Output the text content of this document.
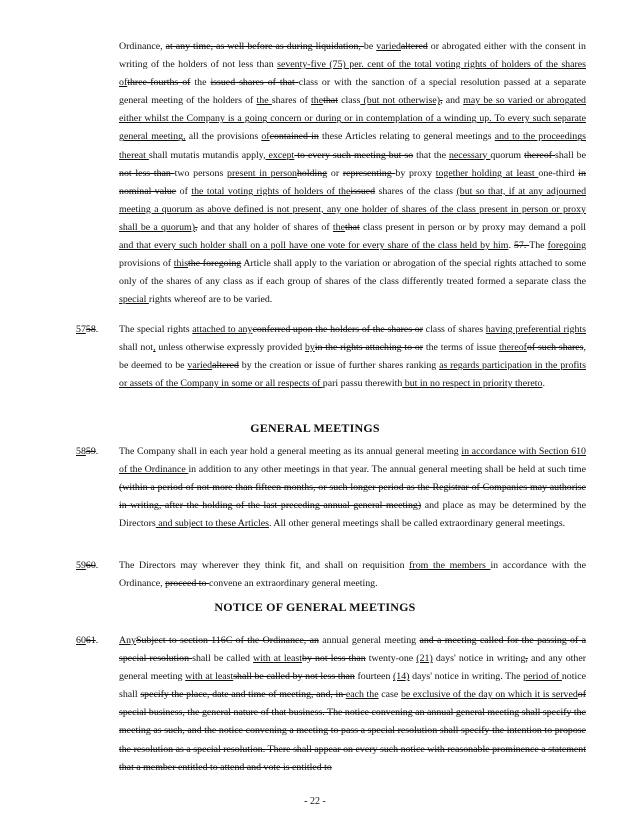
Ordinance, at any time, as well before as during liquidation, be variedaltered or abrogated either with the consent in writing of the holders of not less than seventy-five (75) per. cent of the total voting rights of holders of the shares ofthree-fourths of the issued shares of that class or with the sanction of a special resolution passed at a separate general meeting of the holders of the shares of thethat class (but not otherwise), and may be so varied or abrogated either whilst the Company is a going concern or during or in contemplation of a winding up. To every such separate general meeting, all the provisions ofcontained in these Articles relating to general meetings and to the proceedings thereat shall mutatis mutandis apply, except to every such meeting but so that the necessary quorum thereof shall be not less than two persons present in personholding or representing by proxy together holding at least one-third in nominal value of the total voting rights of holders of theissued shares of the class (but so that, if at any adjourned meeting a quorum as above defined is not present, any one holder of shares of the class present in person or proxy shall be a quorum), and that any holder of shares of thethat class present in person or by proxy may demand a poll and that every such holder shall on a poll have one vote for every share of the class held by him. 57. The foregoing provisions of thisthe foregoing Article shall apply to the variation or abrogation of the special rights attached to some only of the shares of any class as if each group of shares of the class differently treated formed a separate class the special rights whereof are to be varied.
5758. The special rights attached to anyconferred upon the holders of the shares or class of shares having preferential rights shall not, unless otherwise expressly provided byin the rights attaching to or the terms of issue thereofof such shares, be deemed to be variedaltered by the creation or issue of further shares ranking as regards participation in the profits or assets of the Company in some or all respects of pari passu therewith but in no respect in priority thereto.
GENERAL MEETINGS
5859. The Company shall in each year hold a general meeting as its annual general meeting in accordance with Section 610 of the Ordinance in addition to any other meetings in that year. The annual general meeting shall be held at such time (within a period of not more than fifteen months, or such longer period as the Registrar of Companies may authorise in writing, after the holding of the last preceding annual general meeting) and place as may be determined by the Directors and subject to these Articles. All other general meetings shall be called extraordinary general meetings.
5960. The Directors may wherever they think fit, and shall on requisition from the members in accordance with the Ordinance, proceed to convene an extraordinary general meeting.
NOTICE OF GENERAL MEETINGS
6061. AnySubject to section 116C of the Ordinance, an annual general meeting and a meeting called for the passing of a special resolution shall be called with at leastby not less than twenty-one (21) days' notice in writing, and any other general meeting with at leastshall be called by not less than fourteen (14) days' notice in writing. The period of notice shall specify the place, date and time of meeting, and, in each the case be exclusive of the day on which it is servedof special business, the general nature of that business. The notice convening an annual general meeting shall specify the meeting as such, and the notice convening a meeting to pass a special resolution shall specify the intention to propose the resolution as a special resolution. There shall appear on every such notice with reasonable prominence a statement that a member entitled to attend and vote is entitled to
- 22 -
